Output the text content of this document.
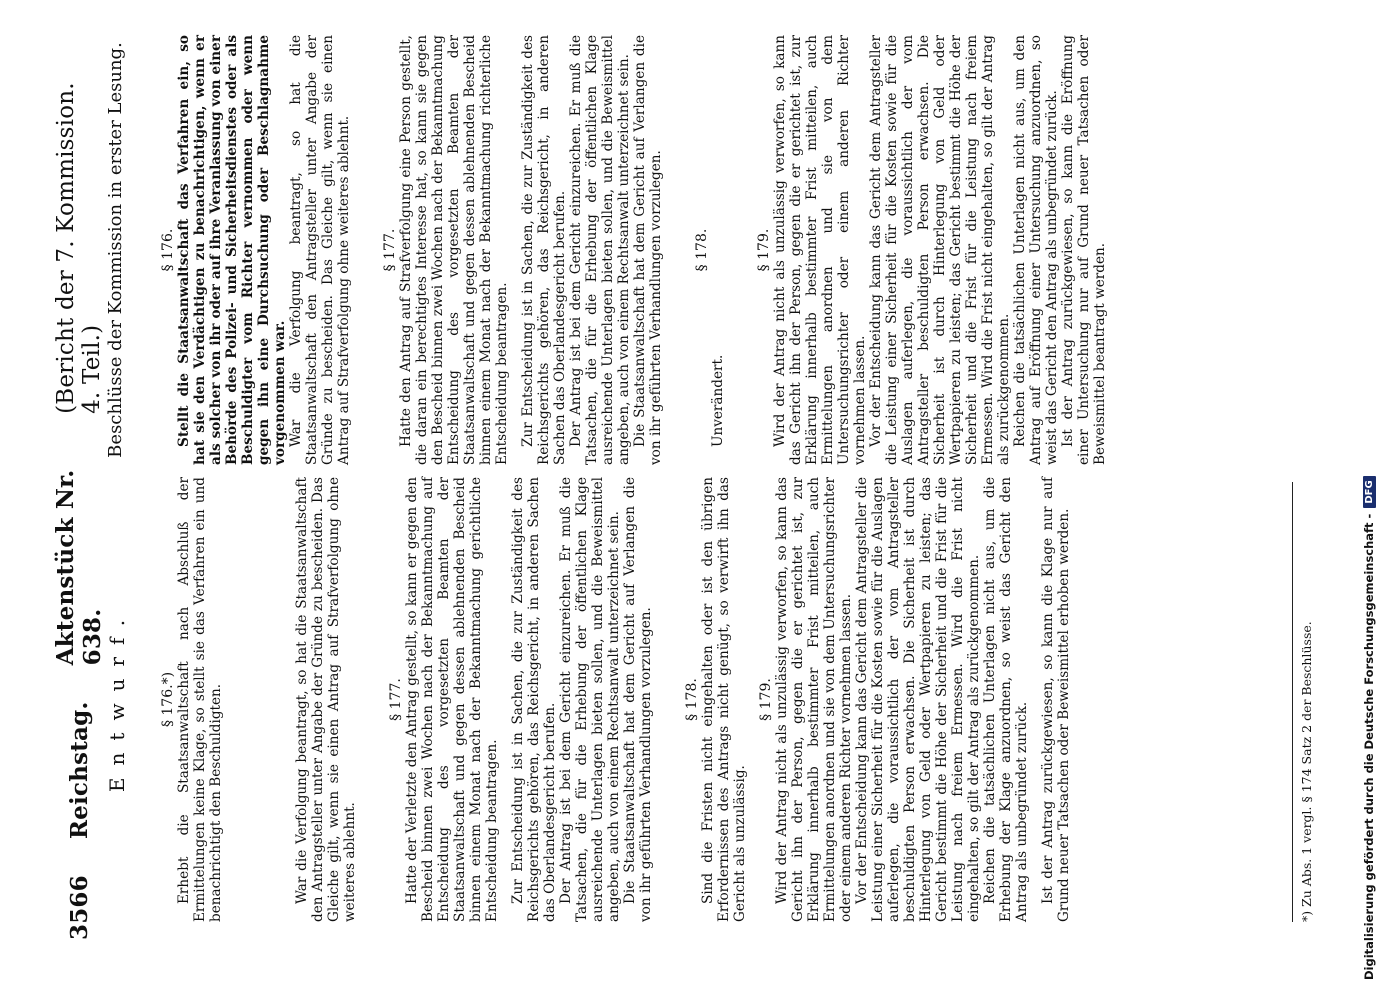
3566
Reichstag.
Aktenstück Nr. 638.
(Bericht der 7. Kommission. 4. Teil.)
Entwurf.
Beschlüsse der Kommission in erster Lesung.

§ 176.*) Erhebt die Staatsanwaltschaft nach Abschluß der Ermittelungen keine Klage, so stellt sie das Verfahren ein und benachrichtigt den Beschuldigten.	War die Verfolgung beantragt, so hat die Staatsanwaltschaft den Antragsteller unter Angabe der Gründe zu bescheiden. Das Gleiche gilt, wenn sie einen Antrag auf Strafverfolgung ohne weiteres ablehnt.

§ 177. Hatte der Verletzte den Antrag gestellt, so kann er gegen den Bescheid binnen zwei Wochen nach der Bekanntmachung auf Entscheidung des vorgesetzten Beamten der Staatsanwaltschaft und gegen dessen ablehnenden Bescheid binnen einem Monat nach der Bekanntmachung gerichtliche Entscheidung beantragen. Zur Entscheidung ist in Sachen, die zur Zuständigkeit des Reichsgerichts gehören, das Reichsgericht, in anderen Sachen das Oberlandesgericht berufen. Der Antrag ist bei dem Gericht einzureichen. Er muß die Tatsachen, die für die Erhebung der öffentlichen Klage ausreichende Unterlagen bieten sollen, und die Beweismittel angeben, auch von einem Rechtsanwalt unterzeichnet sein. Die Staatsanwaltschaft hat dem Gericht auf Verlangen die von ihr geführten Verhandlungen vorzulegen. § 178. Sind die Fristen nicht eingehalten oder ist den übrigen Erfordernissen des Antrags nicht genügt, so verwirft ihn das Gericht als unzulässig.

§ 179. Wird der Antrag nicht als unzulässig verworfen, so kann das Gericht ihn der Person, gegen die er gerichtet ist, zur Erklärung innerhalb bestimmter Frist mitteilen, auch Ermittelungen anordnen und sie von dem Untersuchungsrichter oder einem anderen Richter vornehmen lassen. Vor der Entscheidung kann das Gericht dem Antragsteller die Leistung einer Sicherheit für die Kosten sowie für die Auslagen auferlegen, die voraussichtlich der vom Antragsteller beschuldigten Person erwachsen. Die Sicherheit ist durch Hinterlegung von Geld oder Wertpapieren zu leisten; das Gericht bestimmt die Höhe der Sicherheit und die Frist für die Leistung nach freiem Ermessen. Wird die Frist nicht eingehalten, so gilt der Antrag als zurückgenommen. Reichen die tatsächlichen Unterlagen nicht aus, um die Erhebung der Klage anzuordnen, so weist das Gericht den Antrag als unbegründet zurück. Ist der Antrag zurückgewiesen, so kann die Klage nur auf Grund neuer Tatsachen oder Beweismittel erhoben werden.

§ 176. Stellt die Staatsanwaltschaft das Verfahren ein, so hat sie den Verdächtigen zu benachrichtigen, wenn er als solcher von ihr oder auf ihre Veranlassung von einer Behörde des Polizei- und Sicherheitsdienstes oder als Beschuldigter vom Richter vernommen oder wenn gegen ihn eine Durchsuchung oder Beschlagnahme vorgenommen war. War die Verfolgung beantragt, so hat die Staatsanwaltschaft den Antragsteller unter Angabe der Gründe zu bescheiden. Das Gleiche gilt, wenn sie einen Antrag auf Strafverfolgung ohne weiteres ablehnt. § 177. Hatte den Antrag auf Strafverfolgung eine Person gestellt, die daran ein berechtigtes Interesse hat, so kann sie gegen den Bescheid binnen zwei Wochen nach der Bekanntmachung Entscheidung des vorgesetzten Beamten der Staatsanwaltschaft und gegen dessen ablehnenden Bescheid binnen einem Monat nach der Bekanntmachung richterliche Entscheidung beantragen. Zur Entscheidung ist in Sachen, die zur Zuständigkeit des Reichsgerichts gehören, das Reichsgericht, in anderen Sachen das Oberlandesgericht berufen. Der Antrag ist bei dem Gericht einzureichen. Er muß die Tatsachen, die für die Erhebung der öffentlichen Klage ausreichende Unterlagen bieten sollen, und die Beweismittel angeben, auch von einem Rechtsanwalt unterzeichnet sein. Die Staatsanwaltschaft hat dem Gericht auf Verlangen die von ihr geführten Verhandlungen vorzulegen. § 178.

Unverändert.

§ 179. Wird der Antrag nicht als unzulässig verworfen, so kann das Gericht ihn der Person, gegen die er gerichtet ist, zur Erklärung innerhalb bestimmter Frist mitteilen, auch Ermittelungen anordnen und sie von dem Untersuchungsrichter oder einem anderen Richter vornehmen lassen. Vor der Entscheidung kann das Gericht dem Antragsteller die Leistung einer Sicherheit für die Kosten sowie für die Auslagen auferlegen, die voraussichtlich der vom Antragsteller beschuldigten Person erwachsen. Die Sicherheit ist durch Hinterlegung von Geld oder Wertpapieren zu leisten; das Gericht bestimmt die Höhe der Sicherheit und die Frist für die Leistung nach freiem Ermessen. Wird die Frist nicht eingehalten, so gilt der Antrag als zurückgenommen. Reichen die tatsächlichen Unterlagen nicht aus, um den Antrag auf Eröffnung einer Untersuchung anzuordnen, so weist das Gericht den Antrag als unbegründet zurück. Ist der Antrag zurückgewiesen, so kann die Eröffnung einer Untersuchung nur auf Grund neuer Tatsachen oder Beweismittel beantragt werden.

*) Zu Abs. 1 vergl. § 174 Satz 2 der Beschlüsse.	Digitalisierung gefördert durch die Deutsche Forschungsgemeinschaft -
DFG
